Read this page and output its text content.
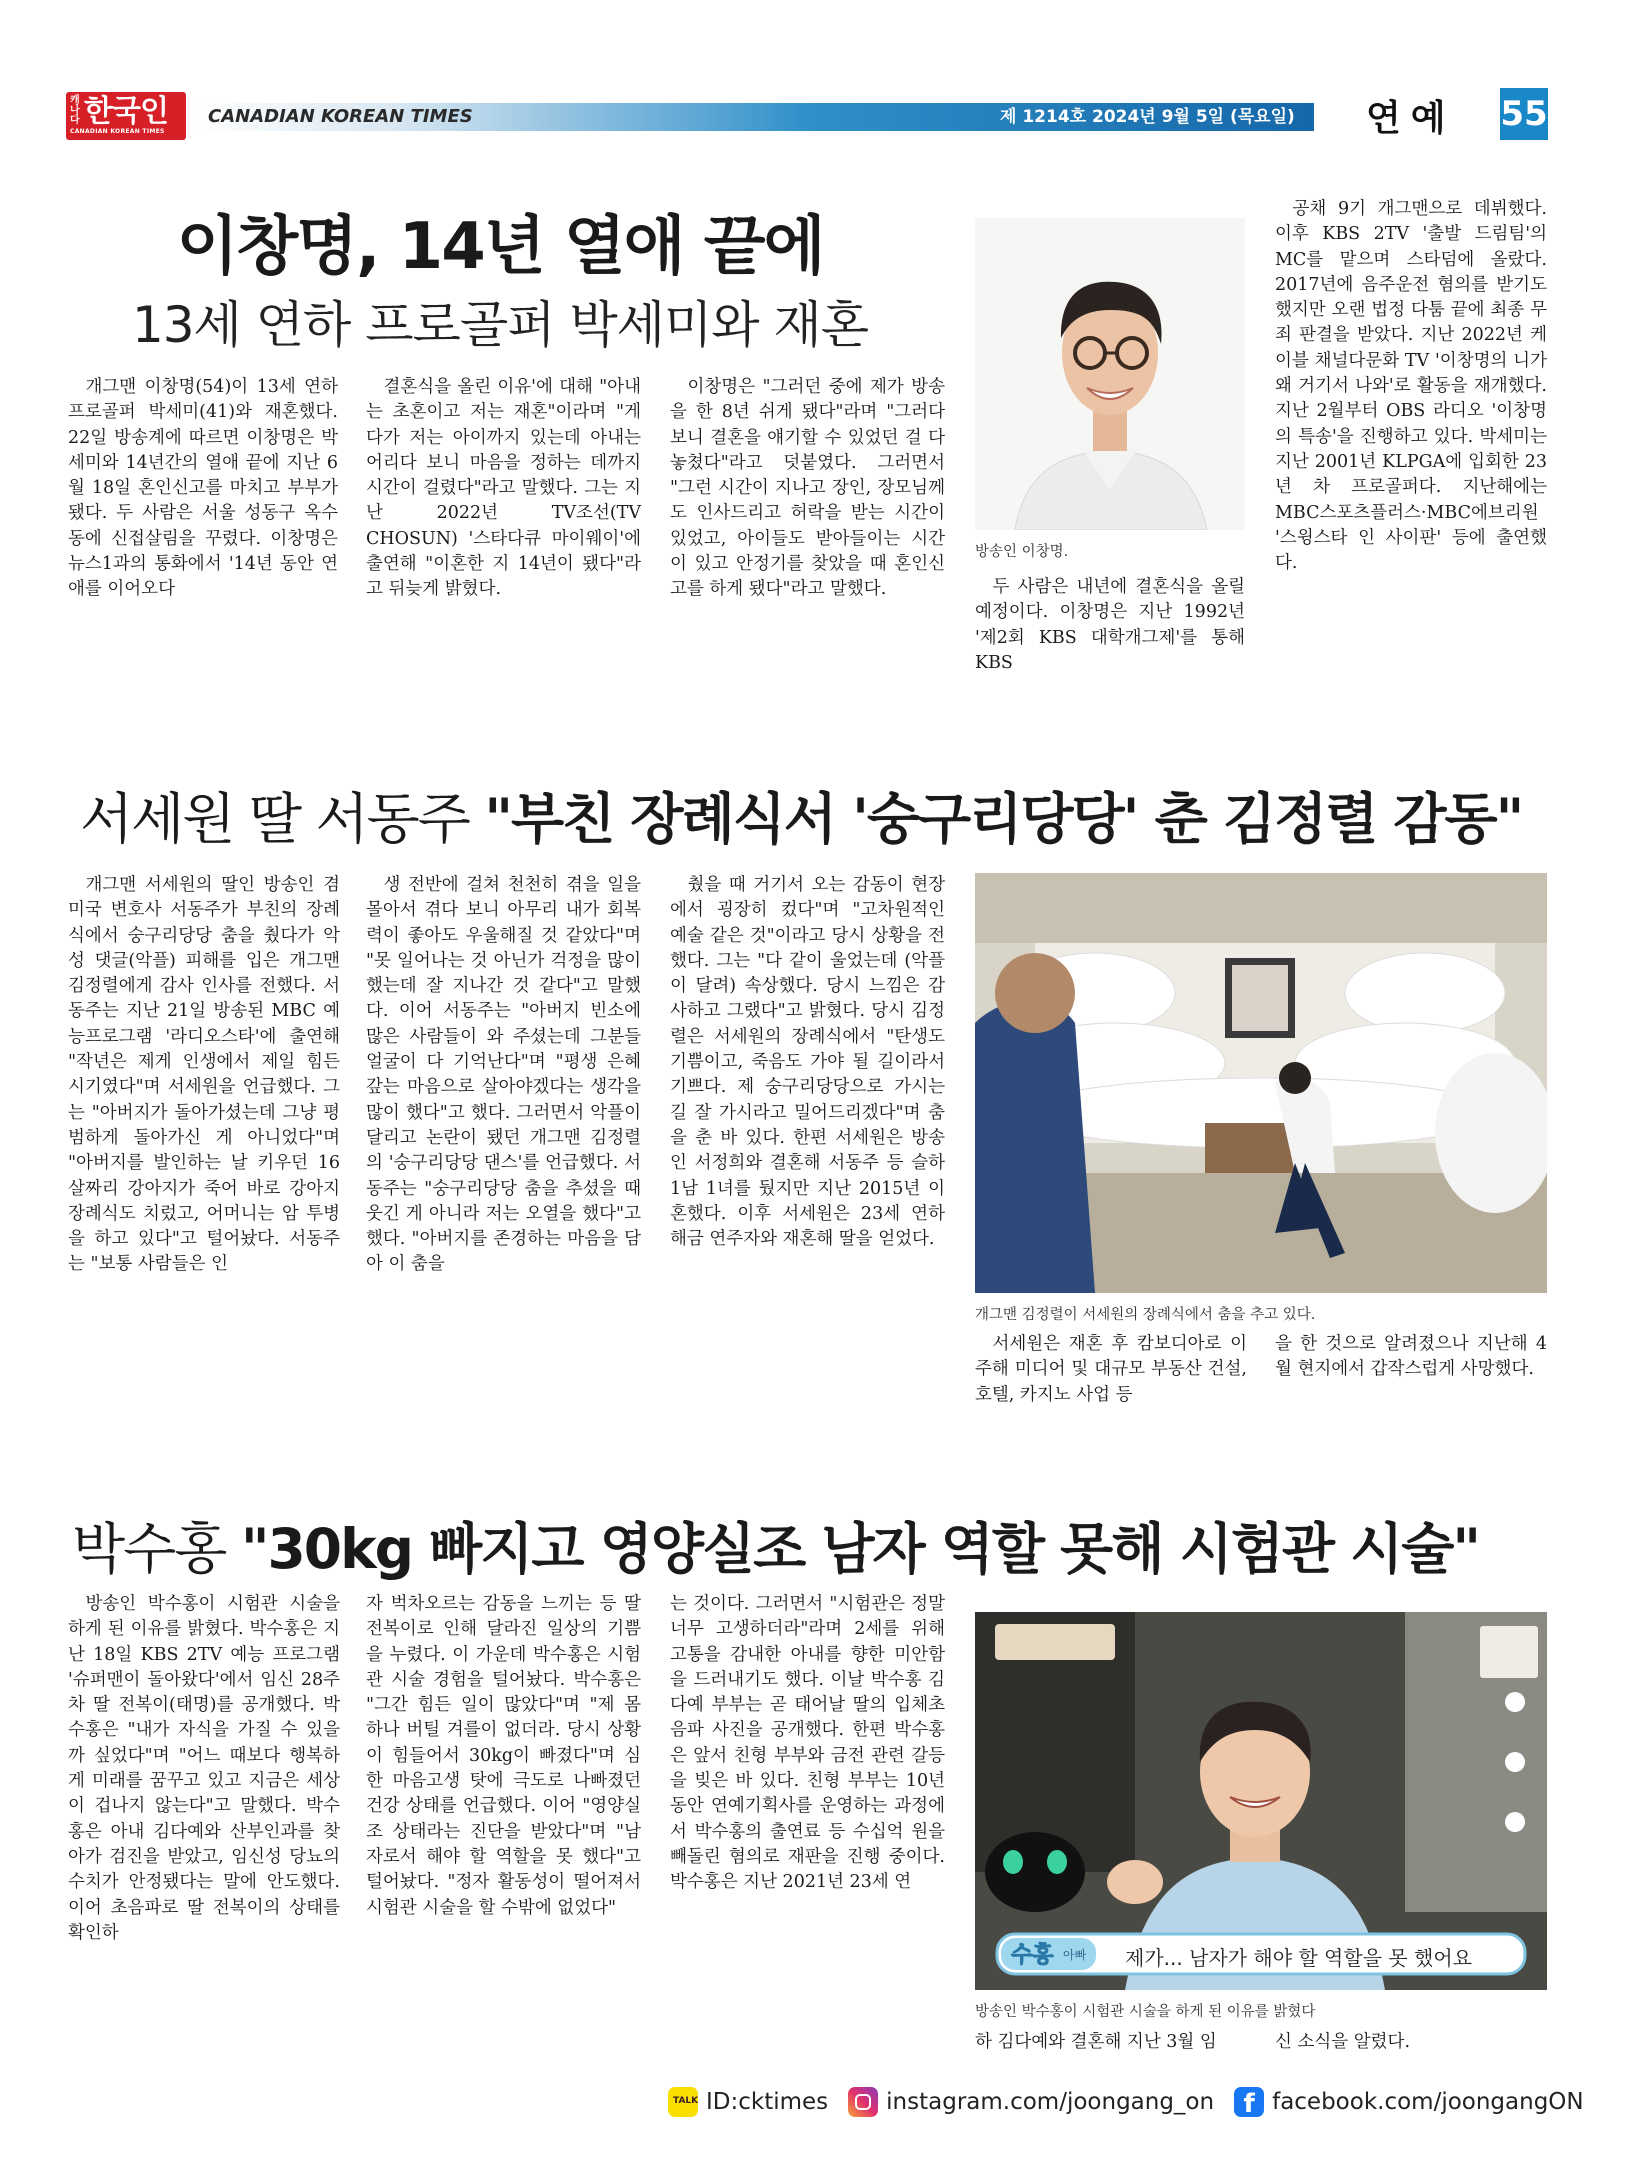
캐나다 한국인
CANADIAN KOREAN TIMES
CANADIAN KOREAN TIMES	제 1214호 2024년 9월 5일 (목요일) 연예 55
이창명, 14년 열애 끝에
13세 연하 프로골퍼 박세미와 재혼

개그맨 이창명(54)이 13세 연하 프로골퍼 박세미(41)와 재혼했다. 22일 방송계에 따르면 이창명은 박세미와 14년간의 열애 끝에 지난 6월 18일 혼인신고를 마치고 부부가 됐다. 두 사람은 서울 성동구 옥수동에 신접살림을 꾸렸다. 이창명은 뉴스1과의 통화에서 '14년 동안 연애를 이어오다

결혼식을 올린 이유'에 대해 "아내는 초혼이고 저는 재혼"이라며 "게다가 저는 아이까지 있는데 아내는 어리다 보니 마음을 정하는 데까지 시간이 걸렸다"라고 말했다. 그는 지난 2022년 TV조선(TV CHOSUN) '스타다큐 마이웨이'에 출연해 "이혼한 지 14년이 됐다"라고 뒤늦게 밝혔다.

이창명은 "그러던 중에 제가 방송을 한 8년 쉬게 됐다"라며 "그러다 보니 결혼을 얘기할 수 있었던 걸 다 놓쳤다"라고 덧붙였다. 그러면서 "그런 시간이 지나고 장인, 장모님께도 인사드리고 허락을 받는 시간이 있었고, 아이들도 받아들이는 시간이 있고 안정기를 찾았을 때 혼인신고를 하게 됐다"라고 말했다.

방송인 이창명.

두 사람은 내년에 결혼식을 올릴 예정이다. 이창명은 지난 1992년 '제2회 KBS 대학개그제'를 통해 KBS

공채 9기 개그맨으로 데뷔했다. 이후 KBS 2TV '출발 드림팀'의 MC를 맡으며 스타덤에 올랐다. 2017년에 음주운전 혐의를 받기도 했지만 오랜 법정 다툼 끝에 최종 무죄 판결을 받았다. 지난 2022년 케이블 채널다문화 TV '이창명의 니가 왜 거기서 나와'로 활동을 재개했다. 지난 2월부터 OBS 라디오 '이창명의 특송'을 진행하고 있다. 박세미는 지난 2001년 KLPGA에 입회한 23년 차 프로골퍼다. 지난해에는 MBC스포츠플러스·MBC에브리원 '스윙스타 인 사이판' 등에 출연했다.

서세원 딸 서동주 "부친 장례식서 '숭구리당당' 춘 김정렬 감동"

개그맨 서세원의 딸인 방송인 겸 미국 변호사 서동주가 부친의 장례식에서 숭구리당당 춤을 췄다가 악성 댓글(악플) 피해를 입은 개그맨 김정렬에게 감사 인사를 전했다. 서동주는 지난 21일 방송된 MBC 예능프로그램 '라디오스타'에 출연해 "작년은 제게 인생에서 제일 힘든 시기였다"며 서세원을 언급했다. 그는 "아버지가 돌아가셨는데 그냥 평범하게 돌아가신 게 아니었다"며 "아버지를 발인하는 날 키우던 16살짜리 강아지가 죽어 바로 강아지 장례식도 치렀고, 어머니는 암 투병을 하고 있다"고 털어놨다. 서동주는 "보통 사람들은 인

생 전반에 걸쳐 천천히 겪을 일을 몰아서 겪다 보니 아무리 내가 회복력이 좋아도 우울해질 것 같았다"며 "못 일어나는 것 아닌가 걱정을 많이 했는데 잘 지나간 것 같다"고 말했다. 이어 서동주는 "아버지 빈소에 많은 사람들이 와 주셨는데 그분들 얼굴이 다 기억난다"며 "평생 은혜 갚는 마음으로 살아야겠다는 생각을 많이 했다"고 했다. 그러면서 악플이 달리고 논란이 됐던 개그맨 김정렬의 '숭구리당당 댄스'를 언급했다. 서동주는 "숭구리당당 춤을 추셨을 때 웃긴 게 아니라 저는 오열을 했다"고 했다. "아버지를 존경하는 마음을 담아 이 춤을

췄을 때 거기서 오는 감동이 현장에서 굉장히 컸다"며 "고차원적인 예술 같은 것"이라고 당시 상황을 전했다. 그는 "다 같이 울었는데 (악플이 달려) 속상했다. 당시 느낌은 감사하고 그랬다"고 밝혔다. 당시 김정렬은 서세원의 장례식에서 "탄생도 기쁨이고, 죽음도 가야 될 길이라서 기쁘다. 제 숭구리당당으로 가시는 길 잘 가시라고 밀어드리겠다"며 춤을 춘 바 있다. 한편 서세원은 방송인 서정희와 결혼해 서동주 등 슬하 1남 1녀를 뒀지만 지난 2015년 이혼했다. 이후 서세원은 23세 연하 해금 연주자와 재혼해 딸을 얻었다.

개그맨 김정렬이 서세원의 장례식에서 춤을 추고 있다.

서세원은 재혼 후 캄보디아로 이주해 미디어 및 대규모 부동산 건설, 호텔, 카지노 사업 등

을 한 것으로 알려졌으나 지난해 4월 현지에서 갑작스럽게 사망했다.

박수홍 "30kg 빠지고 영양실조 남자 역할 못해 시험관 시술"

방송인 박수홍이 시험관 시술을 하게 된 이유를 밝혔다. 박수홍은 지난 18일 KBS 2TV 예능 프로그램 '슈퍼맨이 돌아왔다'에서 임신 28주 차 딸 전복이(태명)를 공개했다. 박수홍은 "내가 자식을 가질 수 있을까 싶었다"며 "어느 때보다 행복하게 미래를 꿈꾸고 있고 지금은 세상이 겁나지 않는다"고 말했다. 박수홍은 아내 김다예와 산부인과를 찾아가 검진을 받았고, 임신성 당뇨의 수치가 안정됐다는 말에 안도했다. 이어 초음파로 딸 전복이의 상태를 확인하

자 벅차오르는 감동을 느끼는 등 딸 전복이로 인해 달라진 일상의 기쁨을 누렸다. 이 가운데 박수홍은 시험관 시술 경험을 털어놨다. 박수홍은 "그간 힘든 일이 많았다"며 "제 몸 하나 버틸 겨를이 없더라. 당시 상황이 힘들어서 30kg이 빠졌다"며 심한 마음고생 탓에 극도로 나빠졌던 건강 상태를 언급했다. 이어 "영양실조 상태라는 진단을 받았다"며 "남자로서 해야 할 역할을 못 했다"고 털어놨다. "정자 활동성이 떨어져서 시험관 시술을 할 수밖에 없었다"

는 것이다. 그러면서 "시험관은 정말 너무 고생하더라"라며 2세를 위해 고통을 감내한 아내를 향한 미안함을 드러내기도 했다. 이날 박수홍 김다예 부부는 곧 태어날 딸의 입체초음파 사진을 공개했다. 한편 박수홍은 앞서 친형 부부와 금전 관련 갈등을 빚은 바 있다. 친형 부부는 10년 동안 연예기획사를 운영하는 과정에서 박수홍의 출연료 등 수십억 원을 빼돌린 혐의로 재판을 진행 중이다. 박수홍은 지난 2021년 23세 연

수홍 아빠 제가... 남자가 해야 할 역할을 못 했어요
방송인 박수홍이 시험관 시술을 하게 된 이유를 밝혔다

하 김다예와 결혼해 지난 3월 임	신 소식을 알렸다.

TALK ID:cktimes	instagram.com/joongang_on	f facebook.com/joongangON
